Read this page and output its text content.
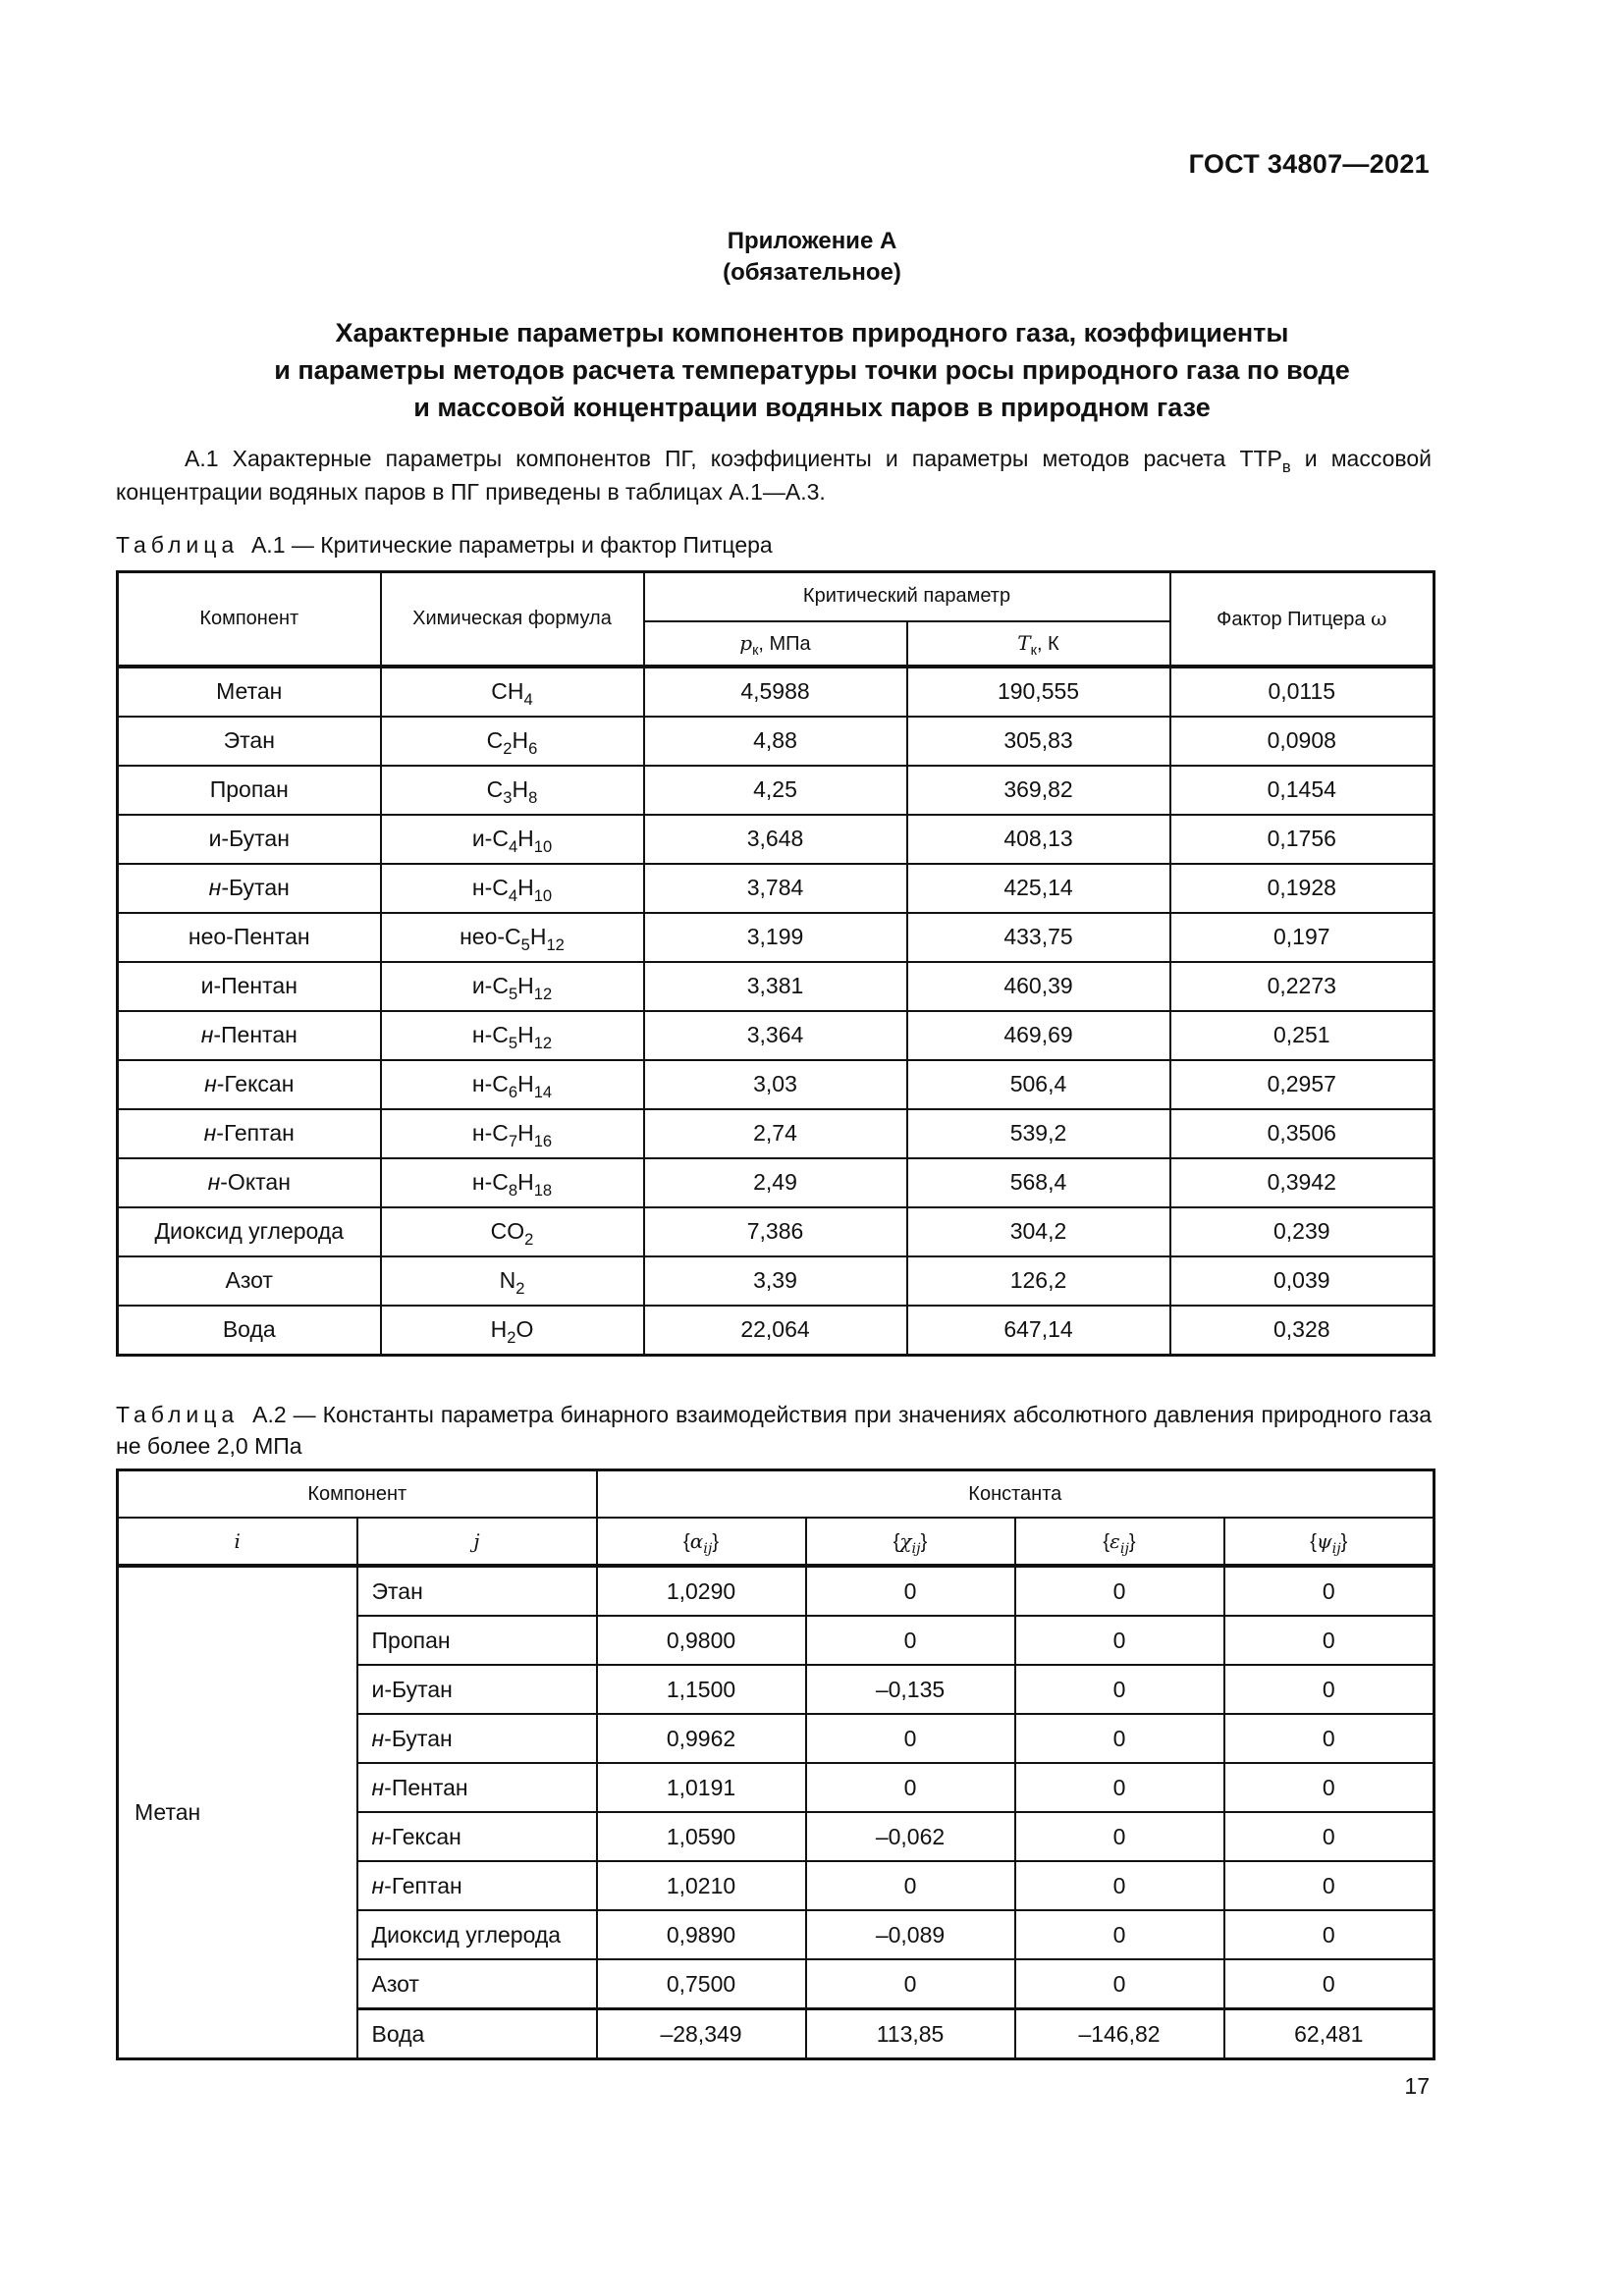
ГОСТ 34807—2021
Приложение А
(обязательное)
Характерные параметры компонентов природного газа, коэффициенты
и параметры методов расчета температуры точки росы природного газа по воде
и массовой концентрации водяных паров в природном газе
А.1 Характерные параметры компонентов ПГ, коэффициенты и параметры методов расчета $ТТР_в$ и массовой концентрации водяных паров в ПГ приведены в таблицах А.1—А.3.
Таблица А.1 — Критические параметры и фактор Питцера
Компонент	Химическая формула	Критический параметр		Фактор Питцера ω
		$p_к$, МПа	$T_к$, К	
Метан	$CH_4$	4,5988	190,555	0,0115
Этан	$C_2H_6$	4,88	305,83	0,0908
Пропан	$C_3H_8$	4,25	369,82	0,1454
и-Бутан	$и-C_4H_{10}$	3,648	408,13	0,1756
н-Бутан	$н-C_4H_{10}$	3,784	425,14	0,1928
нео-Пентан	нео-$C_5H_{12}$	3,199	433,75	0,197
и-Пентан	$и-C_5H_{12}$	3,381	460,39	0,2273
н-Пентан	$н-C_5H_{12}$	3,364	469,69	0,251
н-Гексан	$н-C_6H_{14}$	3,03	506,4	0,2957
н-Гептан	$н-C_7H_{16}$	2,74	539,2	0,3506
н-Октан	$н-C_8H_{18}$	2,49	568,4	0,3942
Диоксид углерода	$CO_2$	7,386	304,2	0,239
Азот	$N_2$	3,39	126,2	0,039
Вода	$H_2O$	22,064	647,14	0,328
Таблица А.2 — Константы параметра бинарного взаимодействия при значениях абсолютного давления природного газа не более 2,0 МПа
Компонент		Константа			
i	j	$\{\alpha_{ij}\}$	$\{\chi_{ij}\}$	$\{\varepsilon_{ij}\}$	$\{\psi_{ij}\}$
Метан	Этан	1,0290	0	0	0
	Пропан	0,9800	0	0	0
	и-Бутан	1,1500	–0,135	0	0
	н-Бутан	0,9962	0	0	0
	н-Пентан	1,0191	0	0	0
	н-Гексан	1,0590	–0,062	0	0
	н-Гептан	1,0210	0	0	0
	Диоксид углерода	0,9890	–0,089	0	0
	Азот	0,7500	0	0	0
	Вода	–28,349	113,85	–146,82	62,481
17
